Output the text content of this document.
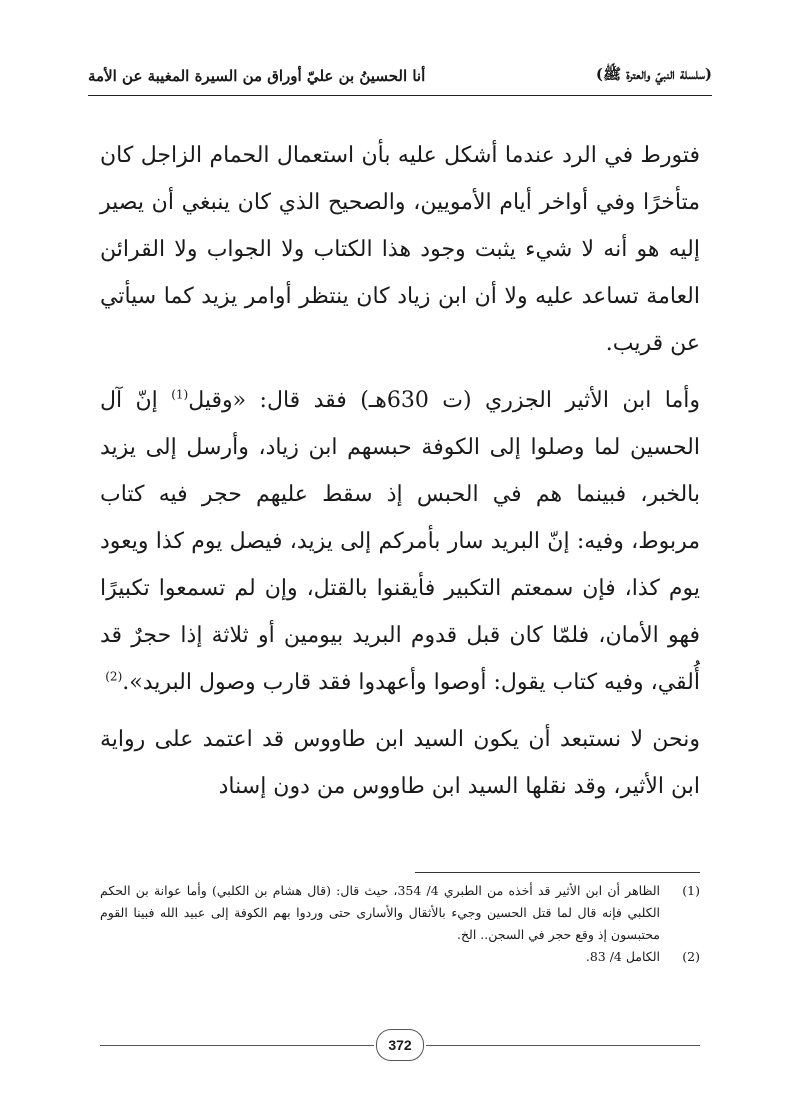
(سلسلة النبيّ والعترة ﷺ)
أنا الحسينُ بن عليّ أوراق من السيرة المغيبة عن الأمة

فتورط في الرد عندما أشكل عليه بأن استعمال الحمام الزاجل كان متأخرًا وفي أواخر أيام الأمويين، والصحيح الذي كان ينبغي أن يصير إليه هو أنه لا شيء يثبت وجود هذا الكتاب ولا الجواب ولا القرائن العامة تساعد عليه ولا أن ابن زياد كان ينتظر أوامر يزيد كما سيأتي عن قريب.

وأما ابن الأثير الجزري (ت 630هـ) فقد قال: «وقيل$^{(1)}$ إنّ آل الحسين لما وصلوا إلى الكوفة حبسهم ابن زياد، وأرسل إلى يزيد بالخبر، فبينما هم في الحبس إذ سقط عليهم حجر فيه كتاب مربوط، وفيه: إنّ البريد سار بأمركم إلى يزيد، فيصل يوم كذا ويعود يوم كذا، فإن سمعتم التكبير فأيقنوا بالقتل، وإن لم تسمعوا تكبيرًا فهو الأمان، فلمّا كان قبل قدوم البريد بيومين أو ثلاثة إذا حجرٌ قد أُلقي، وفيه كتاب يقول: أوصوا وأعهدوا فقد قارب وصول البريد».$^{(2)}$

ونحن لا نستبعد أن يكون السيد ابن طاووس قد اعتمد على رواية ابن الأثير، وقد نقلها السيد ابن طاووس من دون إسناد

(1)
الظاهر أن ابن الأثير قد أخذه من الطبري 4/ 354، حيث قال: (قال هشام بن الكلبي) وأما عوانة بن الحكم الكلبي فإنه قال لما قتل الحسين وجيء بالأثقال والأسارى حتى وردوا بهم الكوفة إلى عبيد الله فبينا القوم محتبسون إذ وقع حجر في السجن.. الخ.
(2)
الكامل 4/ 83.
372
